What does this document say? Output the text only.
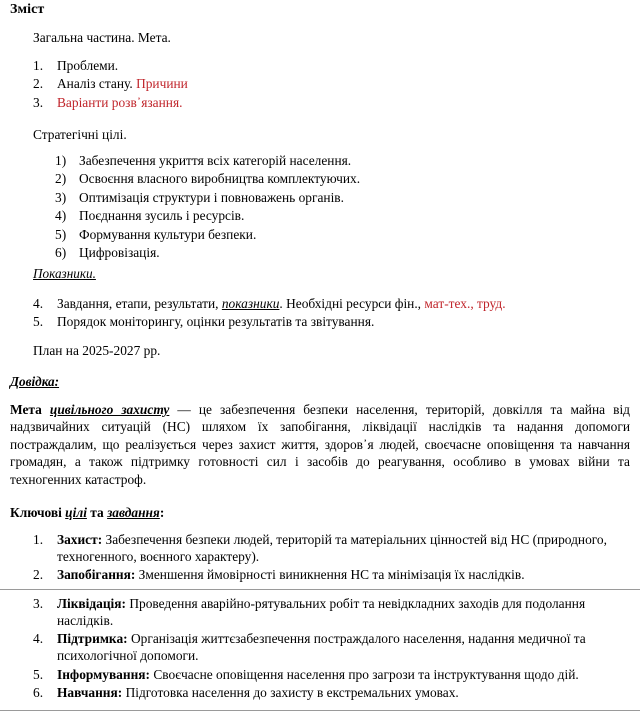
Зміст
Загальна частина. Мета.
1.	Проблеми.
2.	Аналіз стану. Причини
3.	Варіанти розв᾿язання.
Стратегічні цілі.
1) Забезпечення укриття всіх категорій населення.
2) Освоєння власного виробництва комплектуючих.
3) Оптимізація структури і повноважень органів.
4) Поєднання зусиль і ресурсів.
5) Формування культури безпеки.
6) Цифровізація.
Показники.
4.	Завдання, етапи, результати, показники. Необхідні ресурси фін., мат-тех., труд.
5.	Порядок моніторингу, оцінки результатів та звітування.
План на 2025-2027 рр.
Довідка:
Мета цивільного захисту — це забезпечення безпеки населення, територій, довкілля та майна від надзвичайних ситуацій (НС) шляхом їх запобігання, ліквідації наслідків та надання допомоги постраждалим, що реалізується через захист життя, здоров᾿я людей, своєчасне оповіщення та навчання громадян, а також підтримку готовності сил і засобів до реагування, особливо в умовах війни та техногенних катастроф.
Ключові цілі та завдання:
1.	Захист: Забезпечення безпеки людей, територій та матеріальних цінностей від НС (природного, техногенного, воєнного характеру).
2.	Запобігання: Зменшення ймовірності виникнення НС та мінімізація їх наслідків.
3.	Ліквідація: Проведення аварійно-рятувальних робіт та невідкладних заходів для подолання наслідків.
4.	Підтримка: Організація життєзабезпечення постраждалого населення, надання медичної та психологічної допомоги.
5.	Інформування: Своєчасне оповіщення населення про загрози та інструктування щодо дій.
6.	Навчання: Підготовка населення до захисту в екстремальних умовах.
